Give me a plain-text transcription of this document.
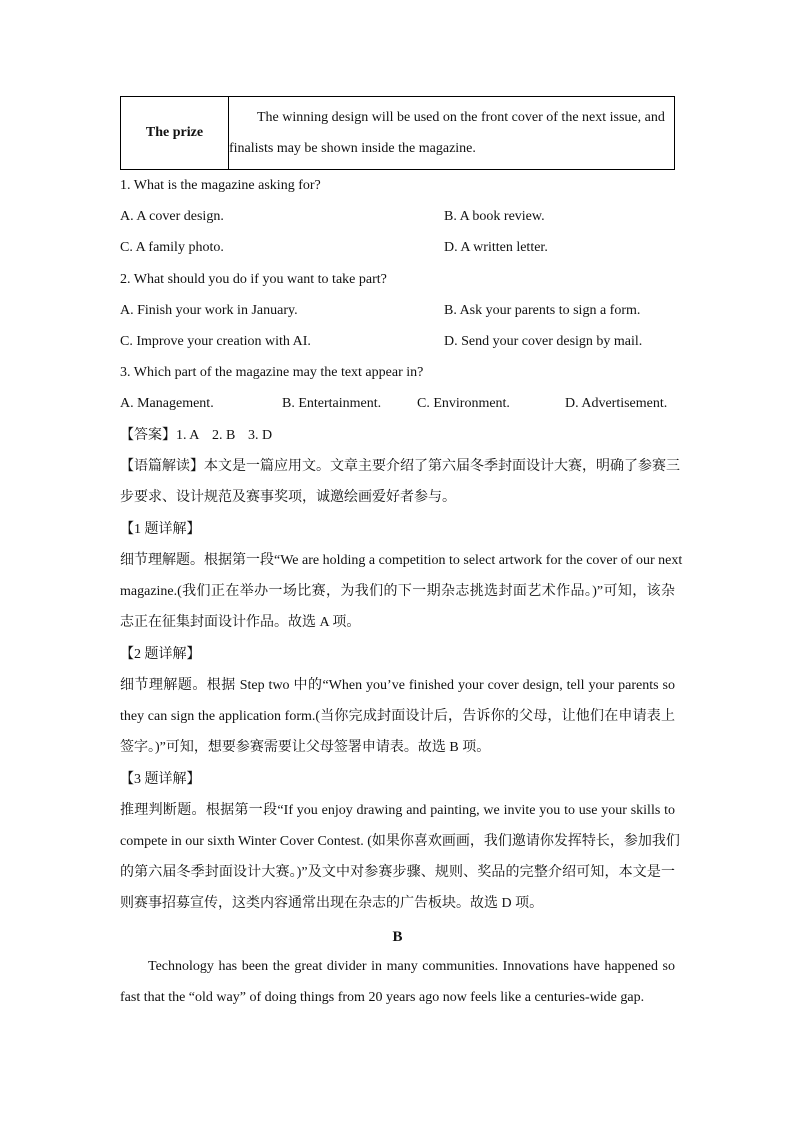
The prize	The winning design will be used on the front cover of the next issue, and
finalists may be shown inside the magazine.
1. What is the magazine asking for?
A. A cover design.	B. A book review.
C. A family photo.	D. A written letter.
2. What should you do if you want to take part?
A. Finish your work in January.	B. Ask your parents to sign a form.
C. Improve your creation with AI.	D. Send your cover design by mail.
3. Which part of the magazine may the text appear in?
A. Management.	B. Entertainment.	C. Environment.	D. Advertisement.
【答案】1. A 2. B 3. D
【语篇解读】本文是一篇应用文。文章主要介绍了第六届冬季封面设计大赛，明确了参赛三
步要求、设计规范及赛事奖项，诚邀绘画爱好者参与。
【1 题详解】
细节理解题。根据第一段“We are holding a competition to select artwork for the cover of our next
magazine.(我们正在举办一场比赛，为我们的下一期杂志挑选封面艺术作品。)”可知，该杂
志正在征集封面设计作品。故选 A 项。
【2 题详解】
细节理解题。根据 Step two 中的“When you’ve finished your cover design, tell your parents so
they can sign the application form.(当你完成封面设计后，告诉你的父母，让他们在申请表上
签字。)”可知，想要参赛需要让父母签署申请表。故选 B 项。
【3 题详解】
推理判断题。根据第一段“If you enjoy drawing and painting, we invite you to use your skills to
compete in our sixth Winter Cover Contest. (如果你喜欢画画，我们邀请你发挥特长，参加我们
的第六届冬季封面设计大赛。)”及文中对参赛步骤、规则、奖品的完整介绍可知，本文是一
则赛事招募宣传，这类内容通常出现在杂志的广告板块。故选 D 项。
B
Technology has been the great divider in many communities. Innovations have happened so
fast that the “old way” of doing things from 20 years ago now feels like a centuries-wide gap.
